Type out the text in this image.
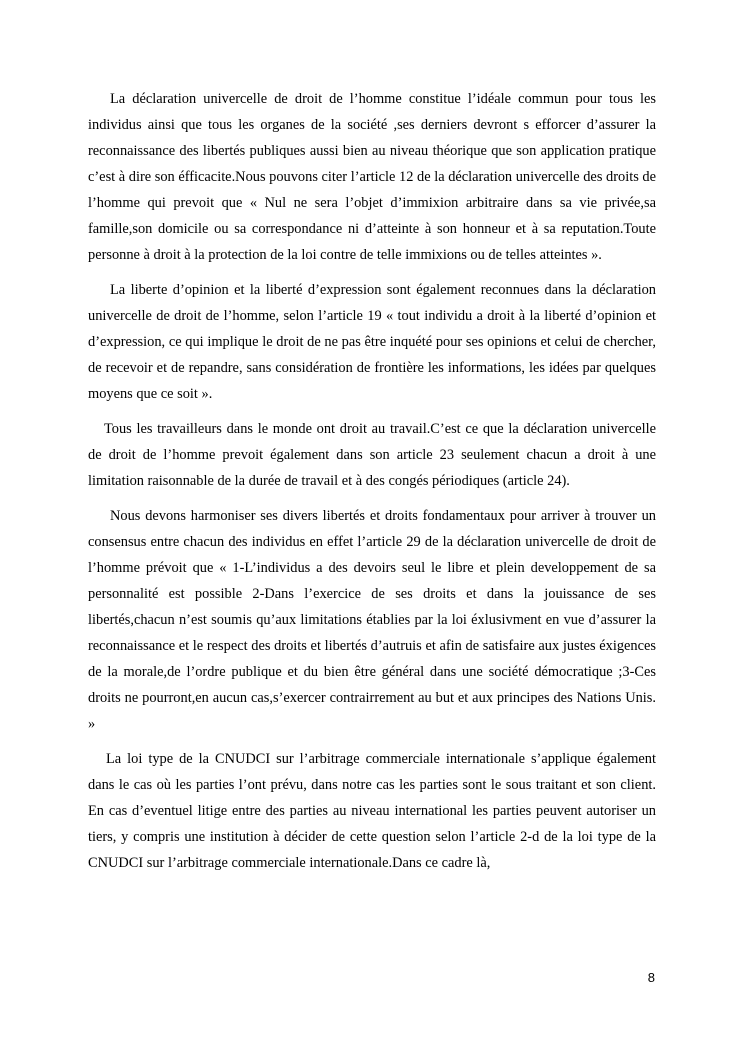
La déclaration univercelle de droit de l’homme constitue l’idéale commun pour tous les individus ainsi que tous les organes de la société ,ses derniers devront s efforcer d’assurer la reconnaissance des libertés publiques aussi bien au niveau théorique que son application pratique c’est à dire son éfficacite.Nous pouvons citer l’article 12 de la déclaration univercelle des droits de l’homme qui prevoit que « Nul ne sera l’objet d’immixion arbitraire dans sa vie privée,sa famille,son domicile ou sa correspondance ni d’atteinte à son honneur et à sa reputation.Toute personne à droit à la protection de la loi contre de telle immixions ou de telles atteintes ».

La liberte d’opinion et la liberté d’expression sont également reconnues dans la déclaration univercelle de droit de l’homme, selon l’article 19 « tout individu a droit à la liberté d’opinion et d’expression, ce qui implique le droit de ne pas être inquété pour ses opinions et celui de chercher, de recevoir et de repandre, sans considération de frontière les informations, les idées par quelques moyens que ce soit ».

Tous les travailleurs dans le monde ont droit au travail.C’est ce que la déclaration univercelle de droit de l’homme prevoit également dans son article 23 seulement chacun a droit à une limitation raisonnable de la durée de travail et à des congés périodiques (article 24).

Nous devons harmoniser ses divers libertés et droits fondamentaux pour arriver à trouver un consensus entre chacun des individus en effet l’article 29 de la déclaration univercelle de droit de l’homme prévoit que « 1-L’individus a des devoirs seul le libre et plein developpement de sa personnalité est possible 2-Dans l’exercice de ses droits et dans la jouissance de ses libertés,chacun n’est soumis qu’aux limitations établies par la loi éxlusivment en vue d’assurer la reconnaissance et le respect des droits et libertés d’autruis et afin de satisfaire aux justes éxigences de la morale,de l’ordre publique et du bien être général dans une société démocratique ;3-Ces droits ne pourront,en aucun cas,s’exercer contrairrement au but et aux principes des Nations Unis. »

La loi type de la CNUDCI sur l’arbitrage commerciale internationale s’applique également dans le cas où les parties l’ont prévu, dans notre cas les parties sont le sous traitant et son client. En cas d’eventuel litige entre des parties au niveau international les parties peuvent autoriser un tiers, y compris une institution à décider de cette question selon l’article 2-d de la loi type de la CNUDCI sur l’arbitrage commerciale internationale.Dans ce cadre là,

8
